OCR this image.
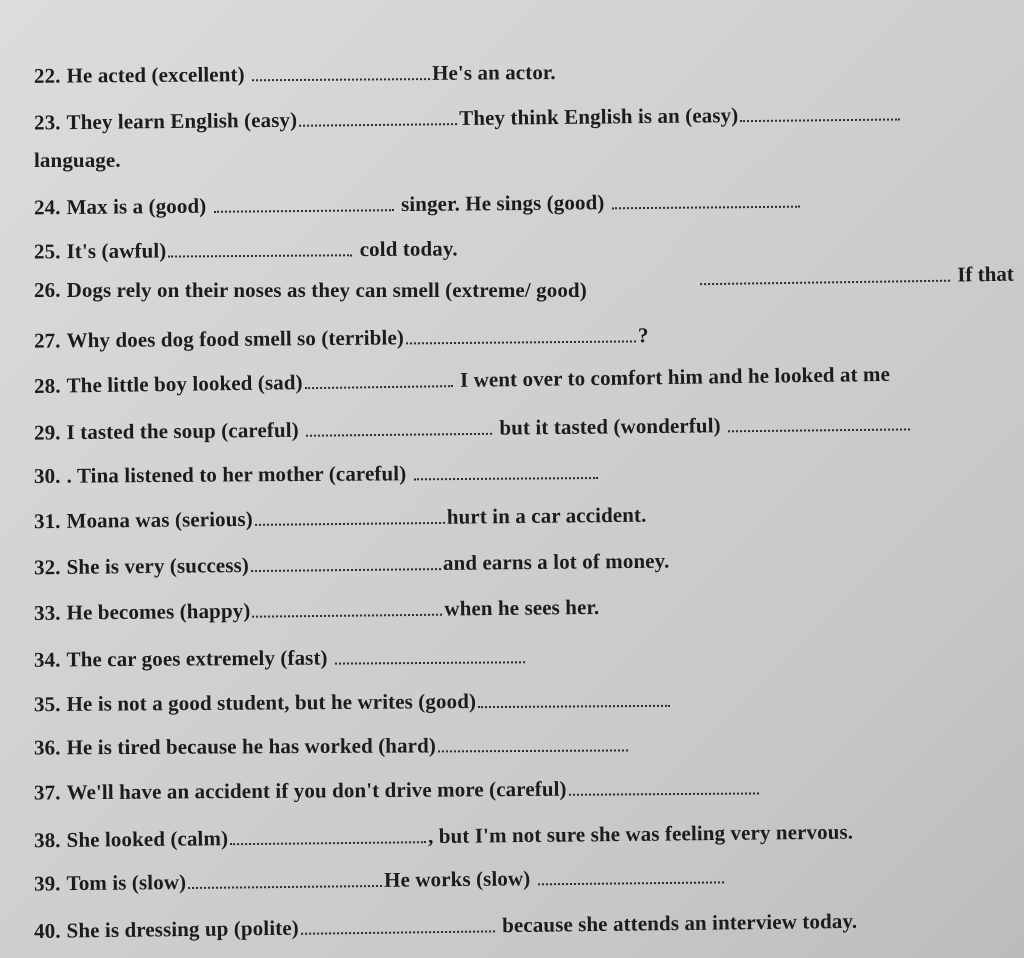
22. He acted (excellent)	He's an actor.
23. They learn English (easy)	They think English is an (easy)
language.
24. Max is a (good)	singer. He sings (good)
25. It's (awful)	cold today.
26. Dogs rely on their noses as they can smell (extreme/ good)
If that
27. Why does dog food smell so (terrible)	?
28. The little boy looked (sad)	I went over to comfort him and he looked at me
29. I tasted the soup (careful)	but it tasted (wonderful)
30. . Tina listened to her mother (careful)
31. Moana was (serious)	hurt in a car accident.
32. She is very (success)	and earns a lot of money.
33. He becomes (happy)	when he sees her.
34. The car goes extremely (fast)
35. He is not a good student, but he writes (good)
36. He is tired because he has worked (hard)
37. We'll have an accident if you don't drive more (careful)
38. She looked (calm)	, but I'm not sure she was feeling very nervous.
39. Tom is (slow)	He works (slow)
40. She is dressing up (polite)	because she attends an interview today.
